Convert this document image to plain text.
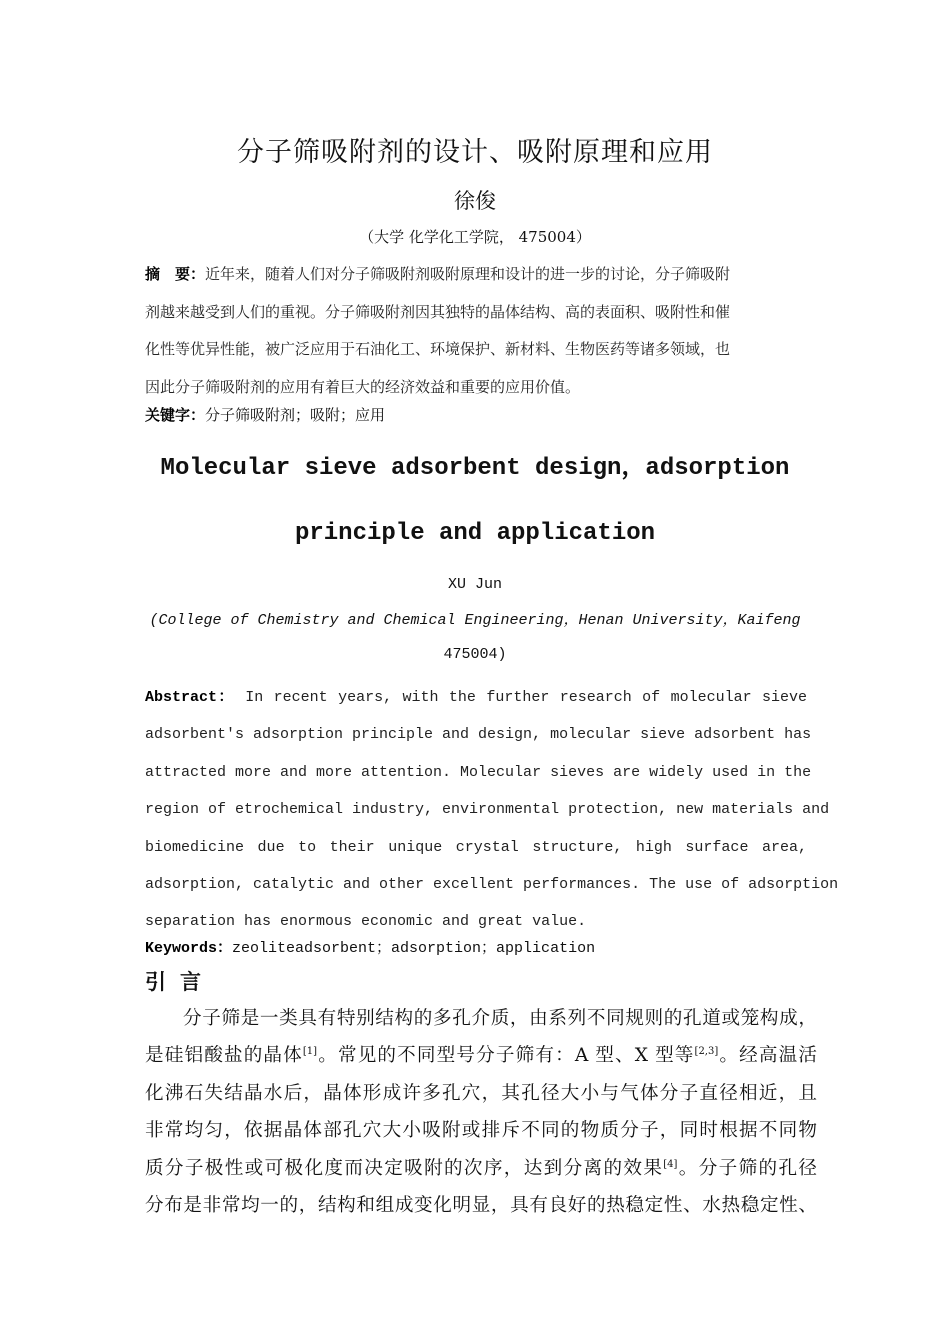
分子筛吸附剂的设计、吸附原理和应用
徐俊
（大学 化学化工学院， 475004）
摘　要：近年来，随着人们对分子筛吸附剂吸附原理和设计的进一步的讨论，分子筛吸附
剂越来越受到人们的重视。分子筛吸附剂因其独特的晶体结构、高的表面积、吸附性和催
化性等优异性能，被广泛应用于石油化工、环境保护、新材料、生物医药等诸多领域，也
因此分子筛吸附剂的应用有着巨大的经济效益和重要的应用价值。
关键字：分子筛吸附剂；吸附；应用
Molecular sieve adsorbent design，adsorption
principle and application
XU Jun
(College of Chemistry and Chemical Engineering，Henan University，Kaifeng
475004)
Abstract： In recent years, with the further research of molecular sieve
adsorbent's adsorption principle and design, molecular sieve adsorbent has
attracted more and more attention. Molecular sieves are widely used in the
region of etrochemical industry, environmental protection, new materials and
biomedicine due to their unique crystal structure, high surface area,
adsorption, catalytic and other excellent performances. The use of adsorption
separation has enormous economic and great value.
Keywords：zeoliteadsorbent；adsorption；application
引言
分子筛是一类具有特别结构的多孔介质，由系列不同规则的孔道或笼构成，
是硅铝酸盐的晶体[1]。常见的不同型号分子筛有：A 型、X 型等[2,3]。经高温活
化沸石失结晶水后，晶体形成许多孔穴，其孔径大小与气体分子直径相近，且
非常均匀，依据晶体部孔穴大小吸附或排斥不同的物质分子，同时根据不同物
质分子极性或可极化度而决定吸附的次序，达到分离的效果[4]。分子筛的孔径
分布是非常均一的，结构和组成变化明显，具有良好的热稳定性、水热稳定性、
